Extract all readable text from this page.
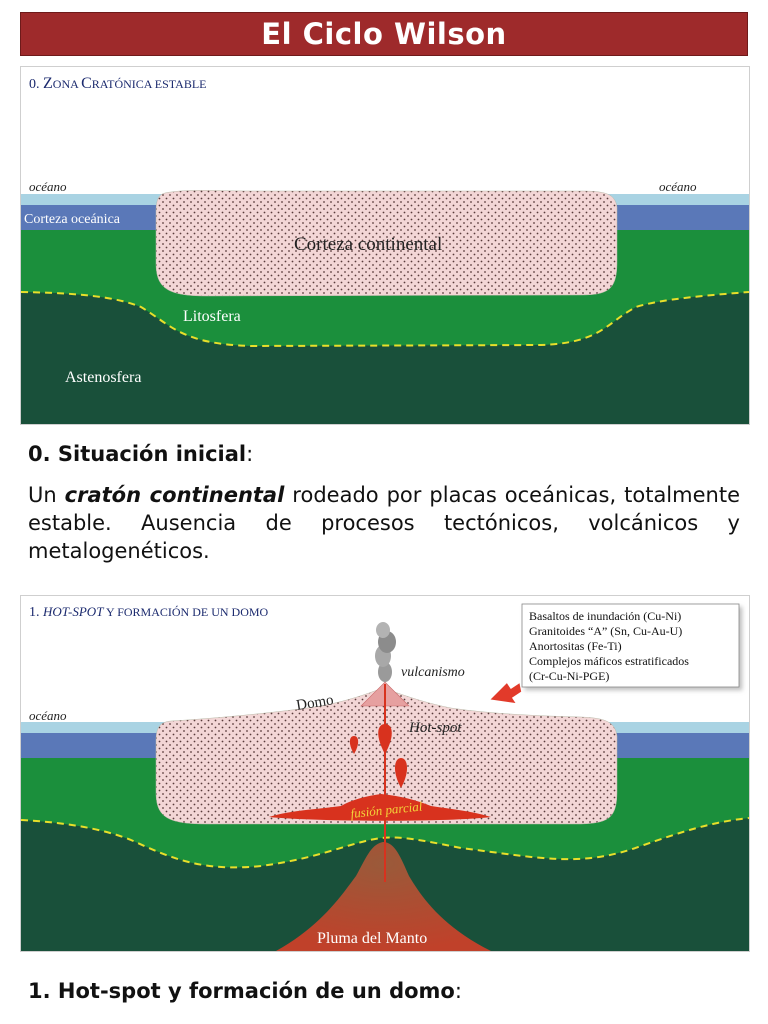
El Ciclo Wilson
0. ZONA CRATÓNICA ESTABLE
océano	océano
Corteza oceánica
Corteza continental
Litosfera
Astenosfera
0. Situación inicial:
Un cratón continental rodeado por placas oceánicas, totalmente estable. Ausencia de procesos tectónicos, volcánicos y metalogenéticos.
Basaltos de inundación (Cu-Ni)
Granitoides “A” (Sn, Cu-Au-U)
Anortositas (Fe-Ti)
Complejos máficos estratificados
(Cr-Cu-Ni-PGE)
1. HOT-SPOT Y FORMACIÓN DE UN DOMO
océano
Domo
vulcanismo
Hot-spot
fusión parcial
Pluma del Manto
1. Hot-spot y formación de un domo:
